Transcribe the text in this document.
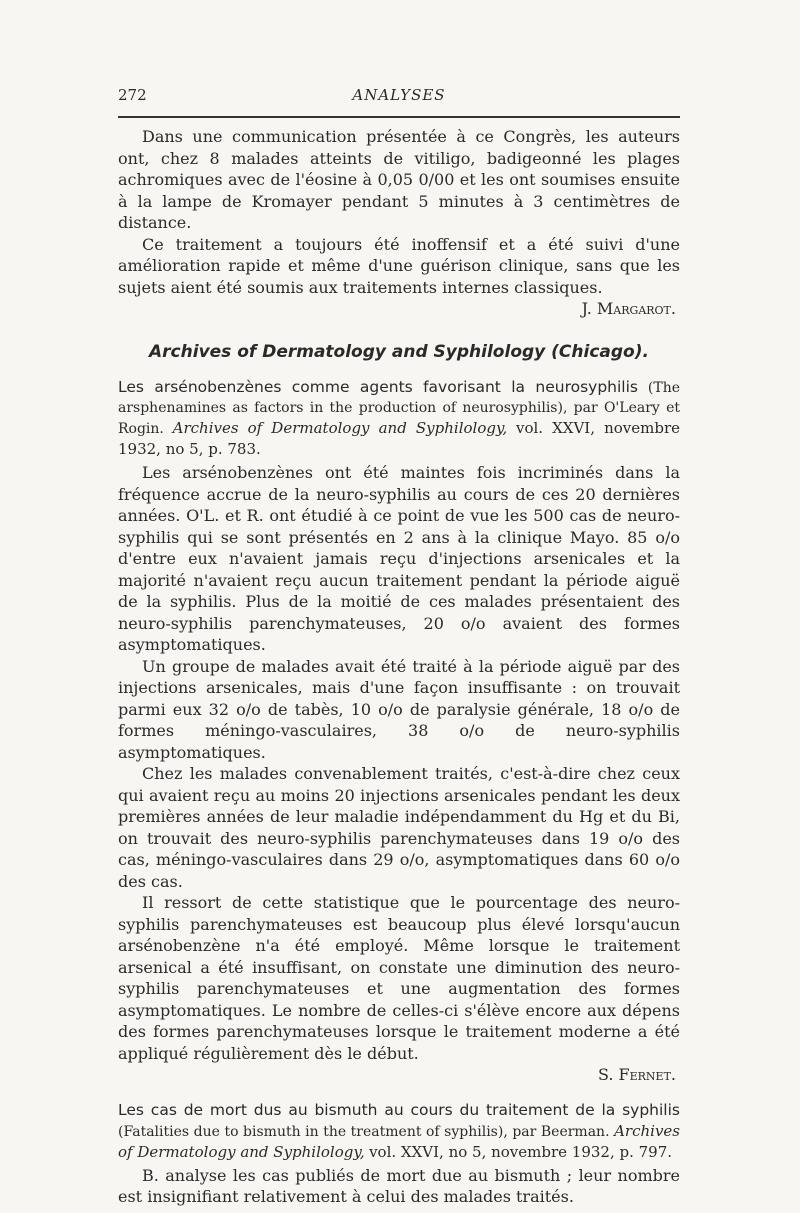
272	ANALYSES

Dans une communication présentée à ce Congrès, les auteurs ont, chez 8 malades atteints de vitiligo, badigeonné les plages achromiques avec de l'éosine à 0,05 0/00 et les ont soumises ensuite à la lampe de Kromayer pendant 5 minutes à 3 centimètres de distance.

Ce traitement a toujours été inoffensif et a été suivi d'une amélioration rapide et même d'une guérison clinique, sans que les sujets aient été soumis aux traitements internes classiques.

J. Margarot.

Archives of Dermatology and Syphilology (Chicago).
Les arsénobenzènes comme agents favorisant la neurosyphilis (The arsphenamines as factors in the production of neurosyphilis), par O'Leary et Rogin. Archives of Dermatology and Syphilology, vol. XXVI, novembre 1932, no 5, p. 783.

Les arsénobenzènes ont été maintes fois incriminés dans la fréquence accrue de la neuro-syphilis au cours de ces 20 dernières années. O'L. et R. ont étudié à ce point de vue les 500 cas de neuro-syphilis qui se sont présentés en 2 ans à la clinique Mayo. 85 o/o d'entre eux n'avaient jamais reçu d'injections arsenicales et la majorité n'avaient reçu aucun traitement pendant la période aiguë de la syphilis. Plus de la moitié de ces malades présentaient des neuro-syphilis parenchymateuses, 20 o/o avaient des formes asymptomatiques.

Un groupe de malades avait été traité à la période aiguë par des injections arsenicales, mais d'une façon insuffisante : on trouvait parmi eux 32 o/o de tabès, 10 o/o de paralysie générale, 18 o/o de formes méningo-vasculaires, 38 o/o de neuro-syphilis asymptomatiques.

Chez les malades convenablement traités, c'est-à-dire chez ceux qui avaient reçu au moins 20 injections arsenicales pendant les deux premières années de leur maladie indépendamment du Hg et du Bi, on trouvait des neuro-syphilis parenchymateuses dans 19 o/o des cas, méningo-vasculaires dans 29 o/o, asymptomatiques dans 60 o/o des cas.

Il ressort de cette statistique que le pourcentage des neuro-syphilis parenchymateuses est beaucoup plus élevé lorsqu'aucun arsénobenzène n'a été employé. Même lorsque le traitement arsenical a été insuffisant, on constate une diminution des neuro-syphilis parenchymateuses et une augmentation des formes asymptomatiques. Le nombre de celles-ci s'élève encore aux dépens des formes parenchymateuses lorsque le traitement moderne a été appliqué régulièrement dès le début.

S. Fernet.

Les cas de mort dus au bismuth au cours du traitement de la syphilis (Fatalities due to bismuth in the treatment of syphilis), par Beerman. Archives of Dermatology and Syphilology, vol. XXVI, no 5, novembre 1932, p. 797.

B. analyse les cas publiés de mort due au bismuth ; leur nombre est insignifiant relativement à celui des malades traités.
